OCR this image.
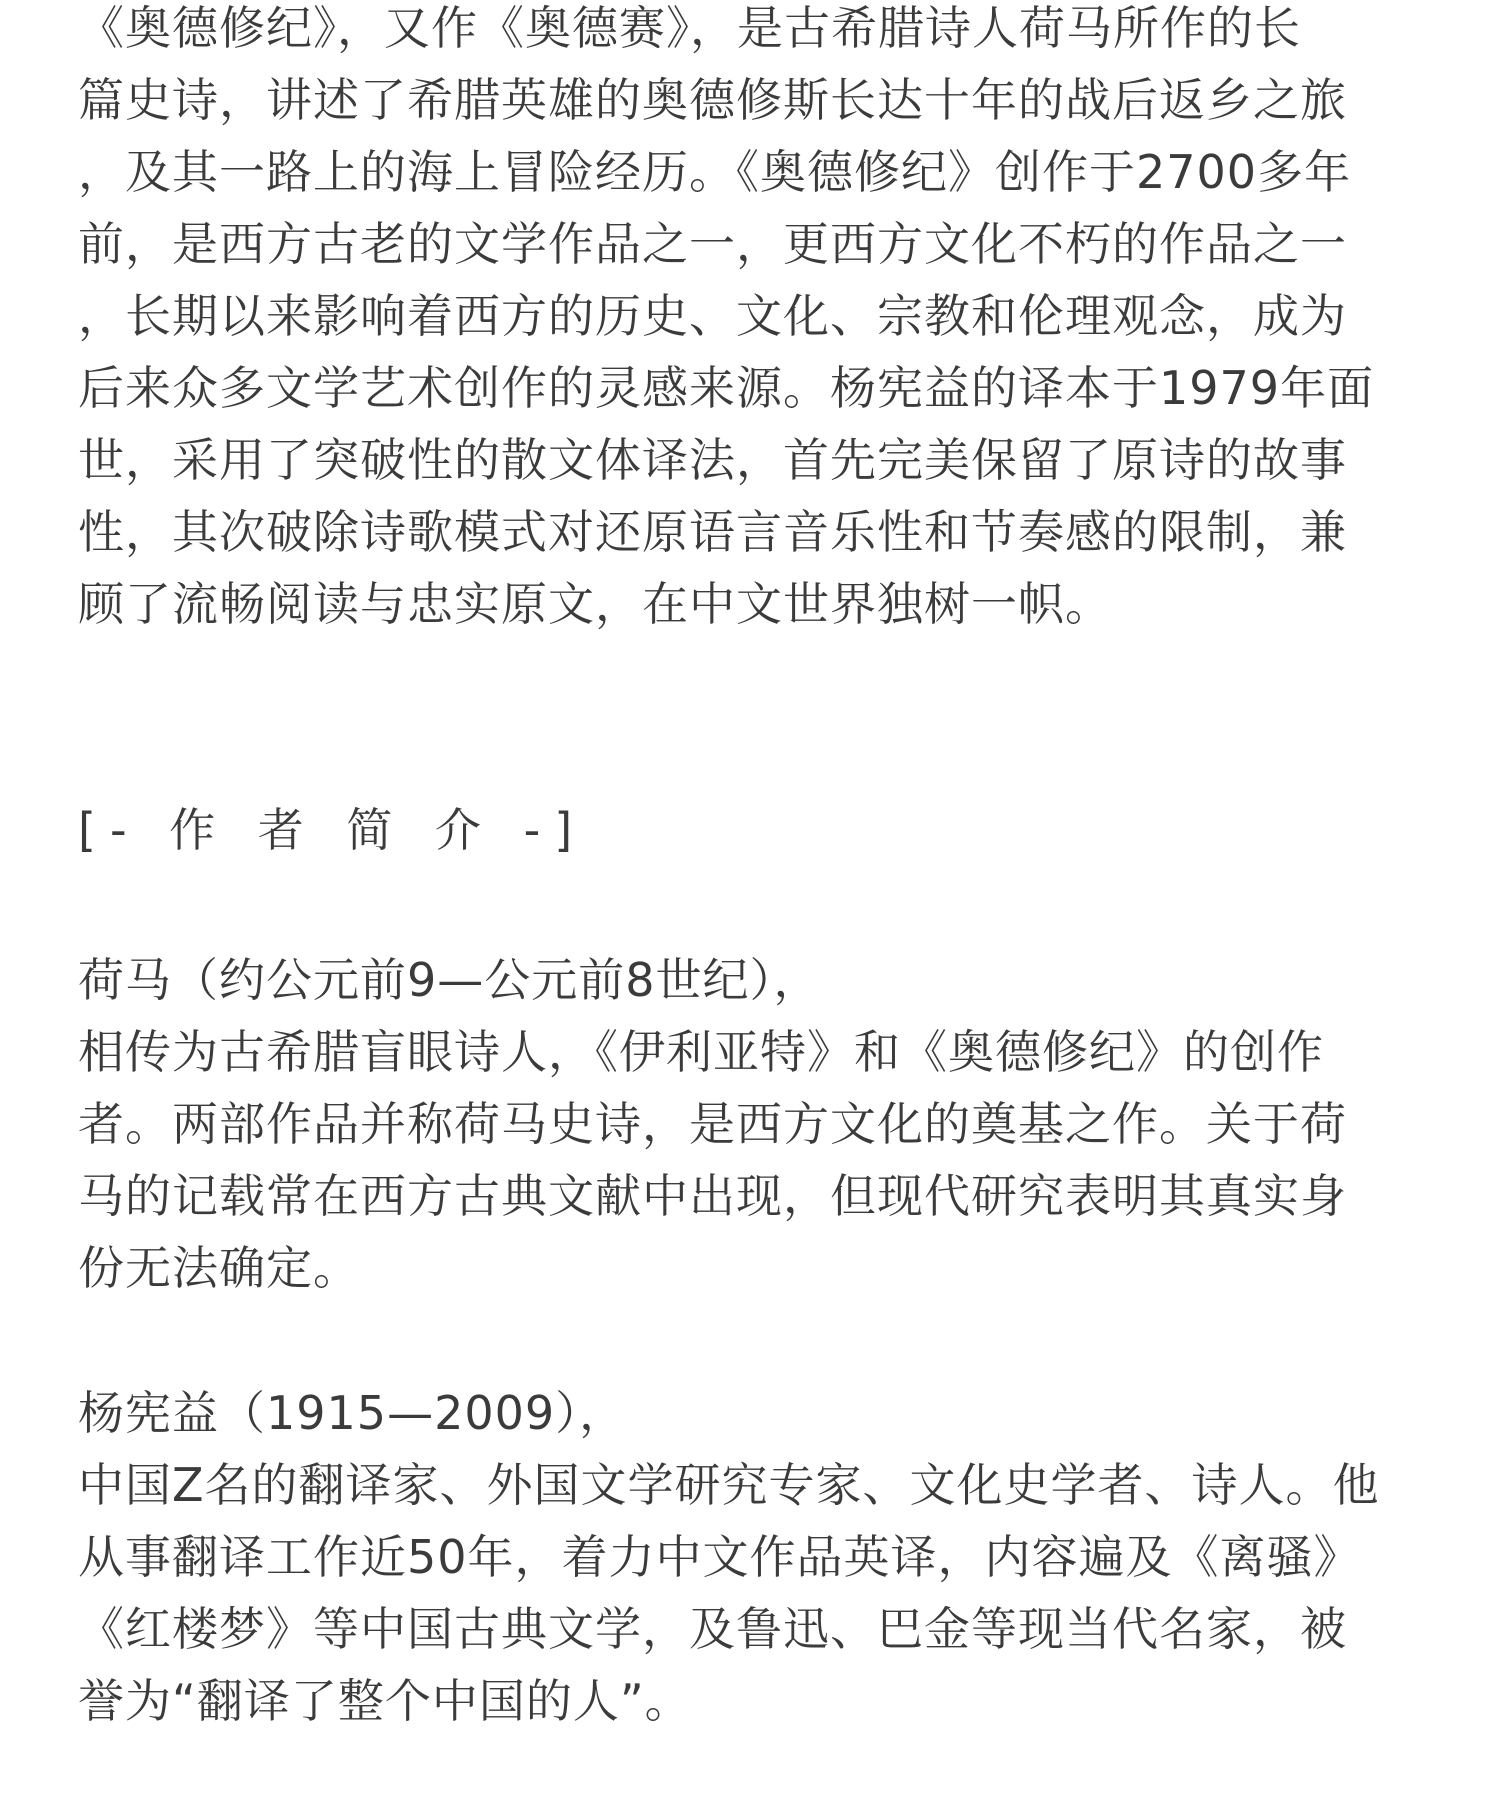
《奥德修纪》，又作《奥德赛》，是古希腊诗人荷马所作的长
篇史诗，讲述了希腊英雄的奥德修斯长达十年的战后返乡之旅
，及其一路上的海上冒险经历。《奥德修纪》创作于2700多年
前，是西方古老的文学作品之一，更西方文化不朽的作品之一
，长期以来影响着西方的历史、文化、宗教和伦理观念，成为
后来众多文学艺术创作的灵感来源。杨宪益的译本于1979年面
世，采用了突破性的散文体译法，首先完美保留了原诗的故事
性，其次破除诗歌模式对还原语言音乐性和节奏感的限制，兼
顾了流畅阅读与忠实原文，在中文世界独树一帜。
[- 作 者 简 介 -]
荷马（约公元前9—公元前8世纪），
相传为古希腊盲眼诗人，《伊利亚特》和《奥德修纪》的创作
者。两部作品并称荷马史诗，是西方文化的奠基之作。关于荷
马的记载常在西方古典文献中出现，但现代研究表明其真实身
份无法确定。
杨宪益（1915—2009），
中国Z名的翻译家、外国文学研究专家、文化史学者、诗人。他
从事翻译工作近50年，着力中文作品英译，内容遍及《离骚》
《红楼梦》等中国古典文学，及鲁迅、巴金等现当代名家，被
誉为“翻译了整个中国的人”。
